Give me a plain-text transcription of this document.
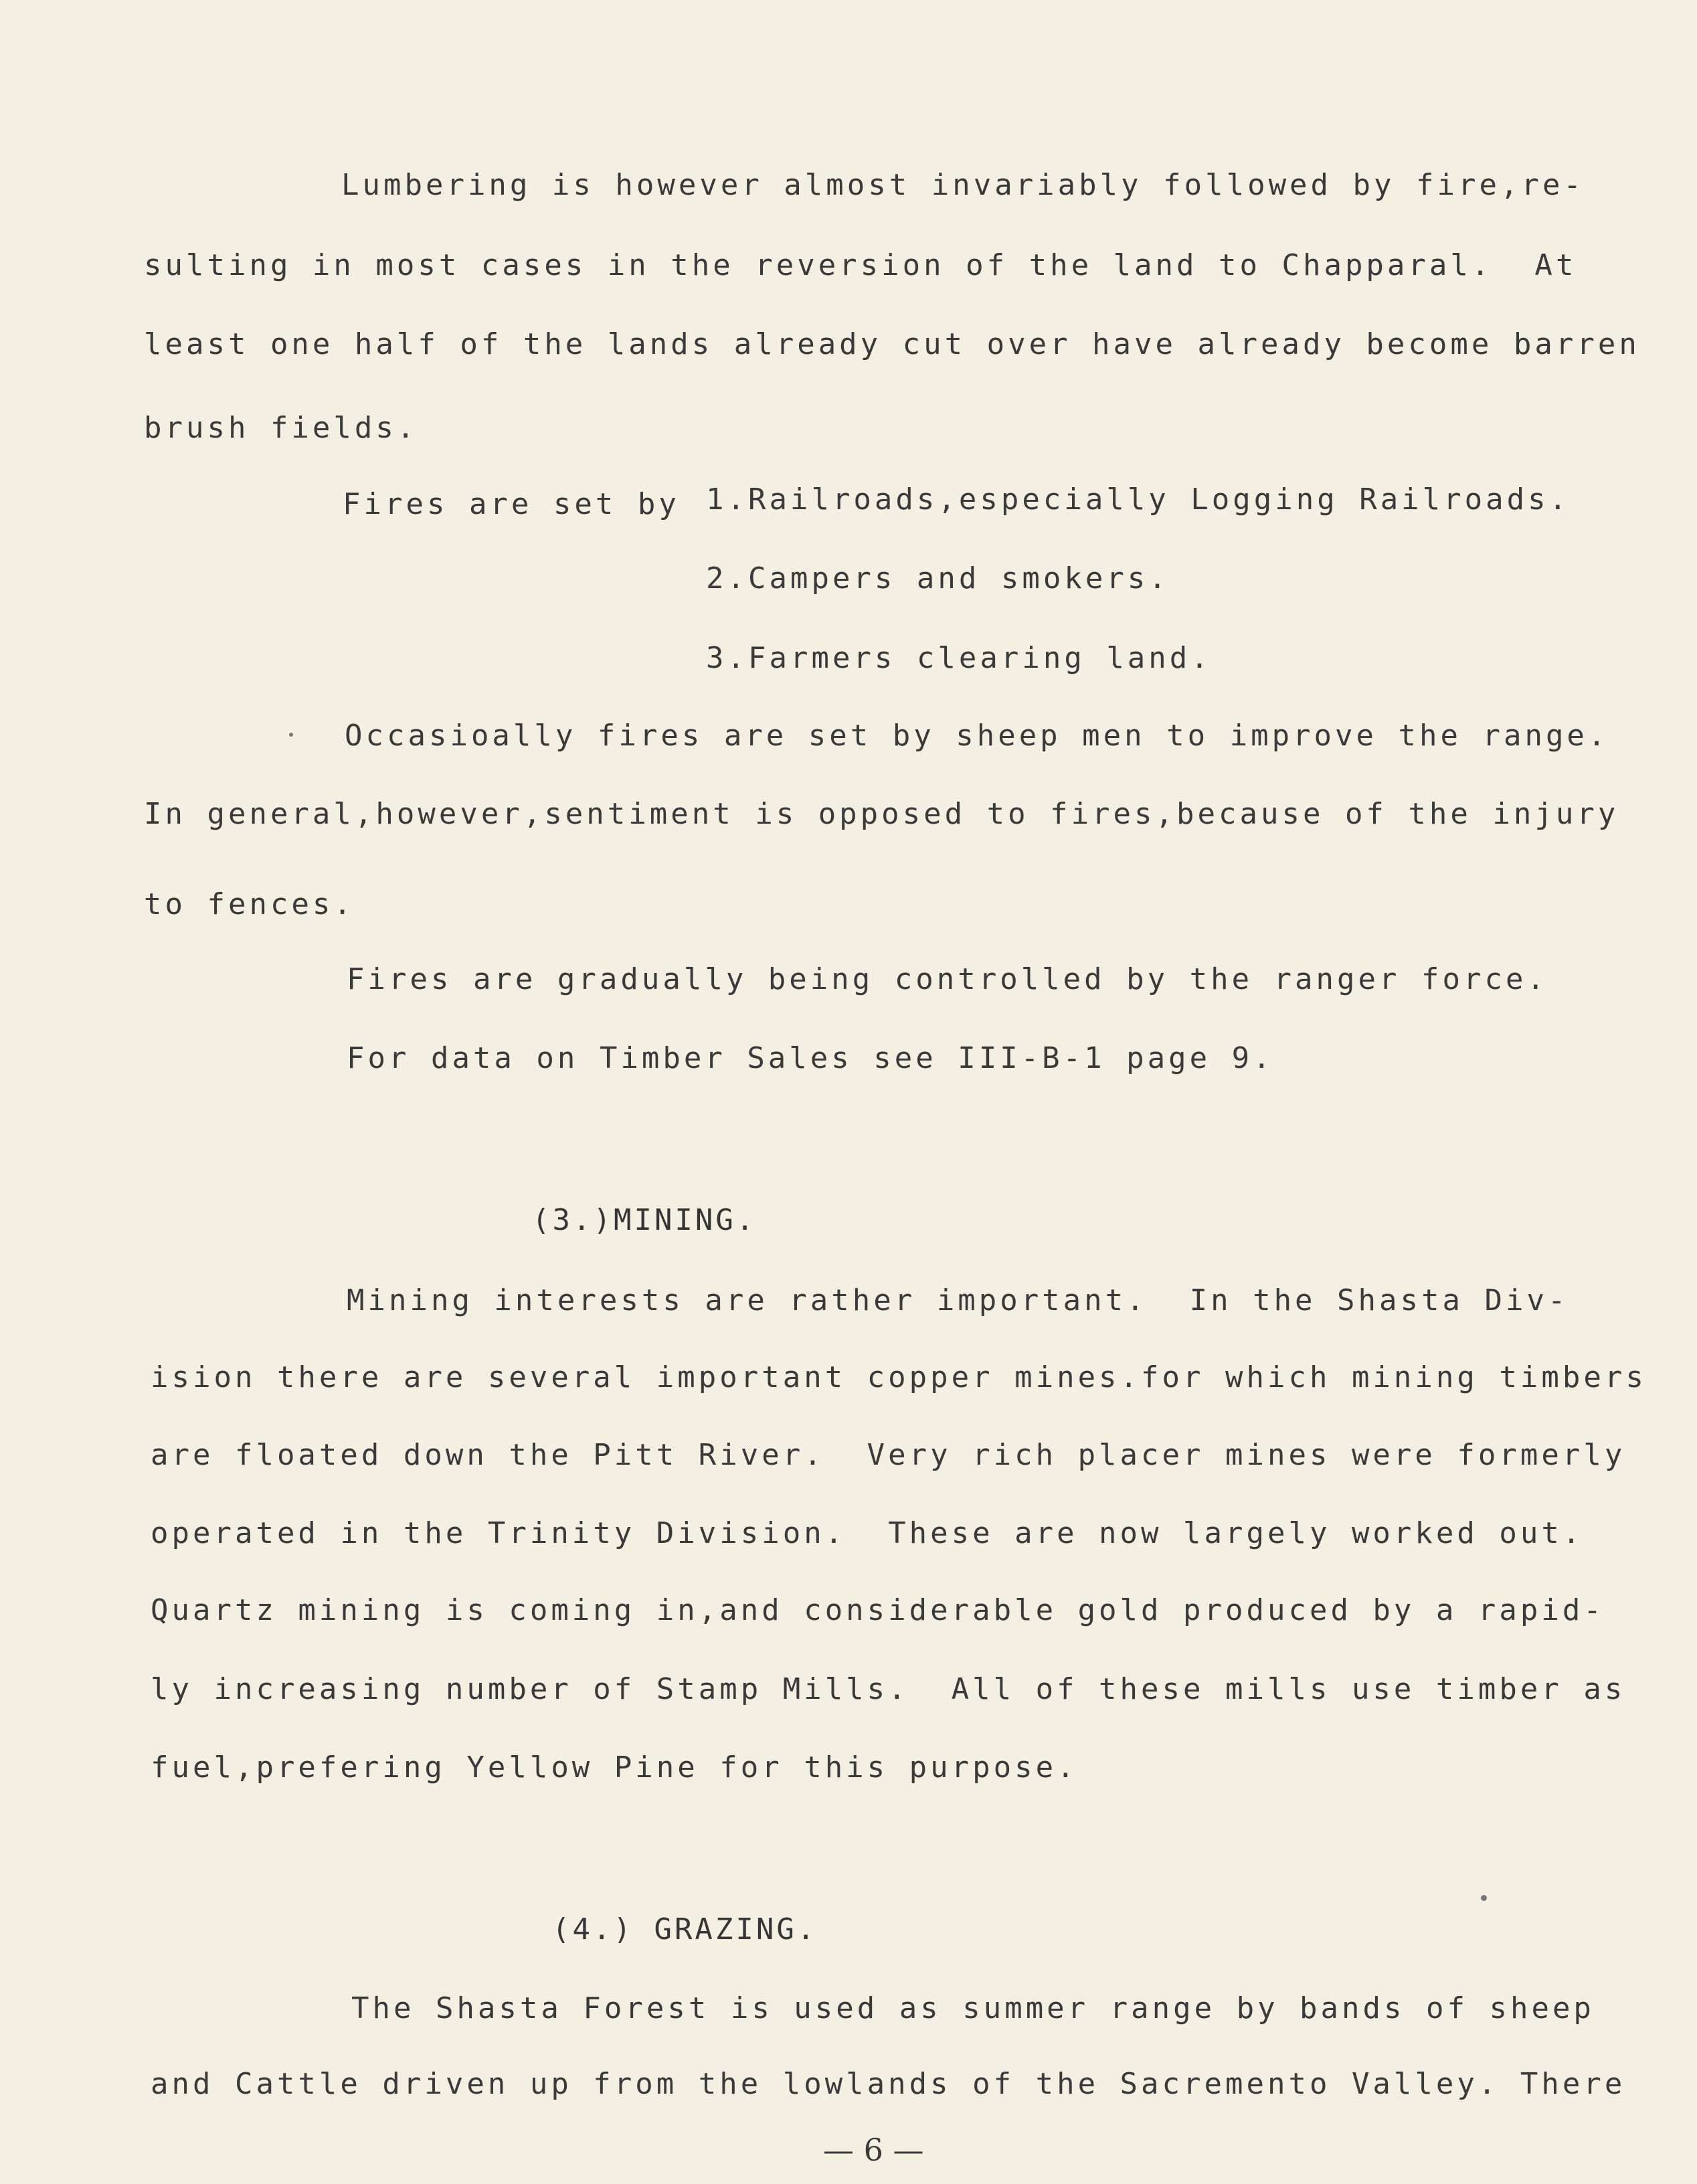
Lumbering is however almost invariably followed by fire,re-
sulting in most cases in the reversion of the land to Chapparal.  At
least one half of the lands already cut over have already become barren
brush fields.
Fires are set by 1.Railroads,especially Logging Railroads.
2.Campers and smokers.
3.Farmers clearing land.
Occasioally fires are set by sheep men to improve the range.
In general,however,sentiment is opposed to fires,because of the injury
to fences.
Fires are gradually being controlled by the ranger force.
For data on Timber Sales see III-B-1 page 9.
(3.)MINING.
Mining interests are rather important.  In the Shasta Div-
ision there are several important copper mines.for which mining timbers
are floated down the Pitt River.  Very rich placer mines were formerly
operated in the Trinity Division.  These are now largely worked out.
Quartz mining is coming in,and considerable gold produced by a rapid-
ly increasing number of Stamp Mills.  All of these mills use timber as
fuel,prefering Yellow Pine for this purpose.
(4.) GRAZING.
The Shasta Forest is used as summer range by bands of sheep
and Cattle driven up from the lowlands of the Sacremento Valley. There
— 6 —
